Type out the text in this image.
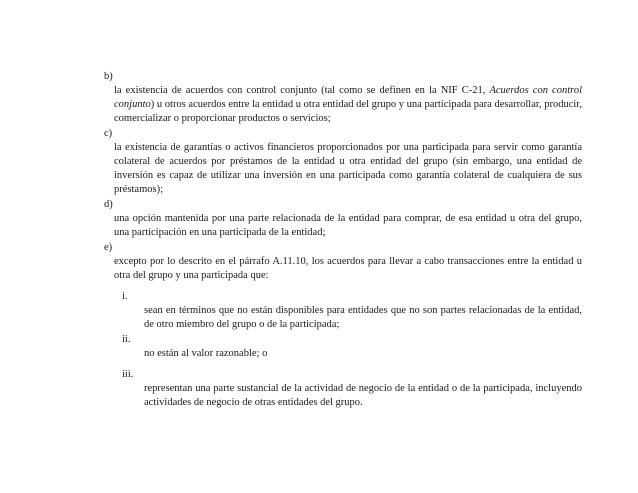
b)
la existencia de acuerdos con control conjunto (tal como se definen en la NIF C-21, Acuerdos con control conjunto) u otros acuerdos entre la entidad u otra entidad del grupo y una participada para desarrollar, producir, comercializar o proporcionar productos o servicios;
c)
la existencia de garantías o activos financieros proporcionados por una participada para servir como garantía colateral de acuerdos por préstamos de la entidad u otra entidad del grupo (sin embargo, una entidad de inversión es capaz de utilizar una inversión en una participada como garantía colateral de cualquiera de sus préstamos);
d)
una opción mantenida por una parte relacionada de la entidad para comprar, de esa entidad u otra del grupo, una participación en una participada de la entidad;
e)
excepto por lo descrito en el párrafo A.11.10, los acuerdos para llevar a cabo transacciones entre la entidad u otra del grupo y una participada que:
i.
sean en términos que no están disponibles para entidades que no son partes relacionadas de la entidad, de otro miembro del grupo o de la participada;
ii.
no están al valor razonable; o
iii.
representan una parte sustancial de la actividad de negocio de la entidad o de la participada, incluyendo actividades de negocio de otras entidades del grupo.
